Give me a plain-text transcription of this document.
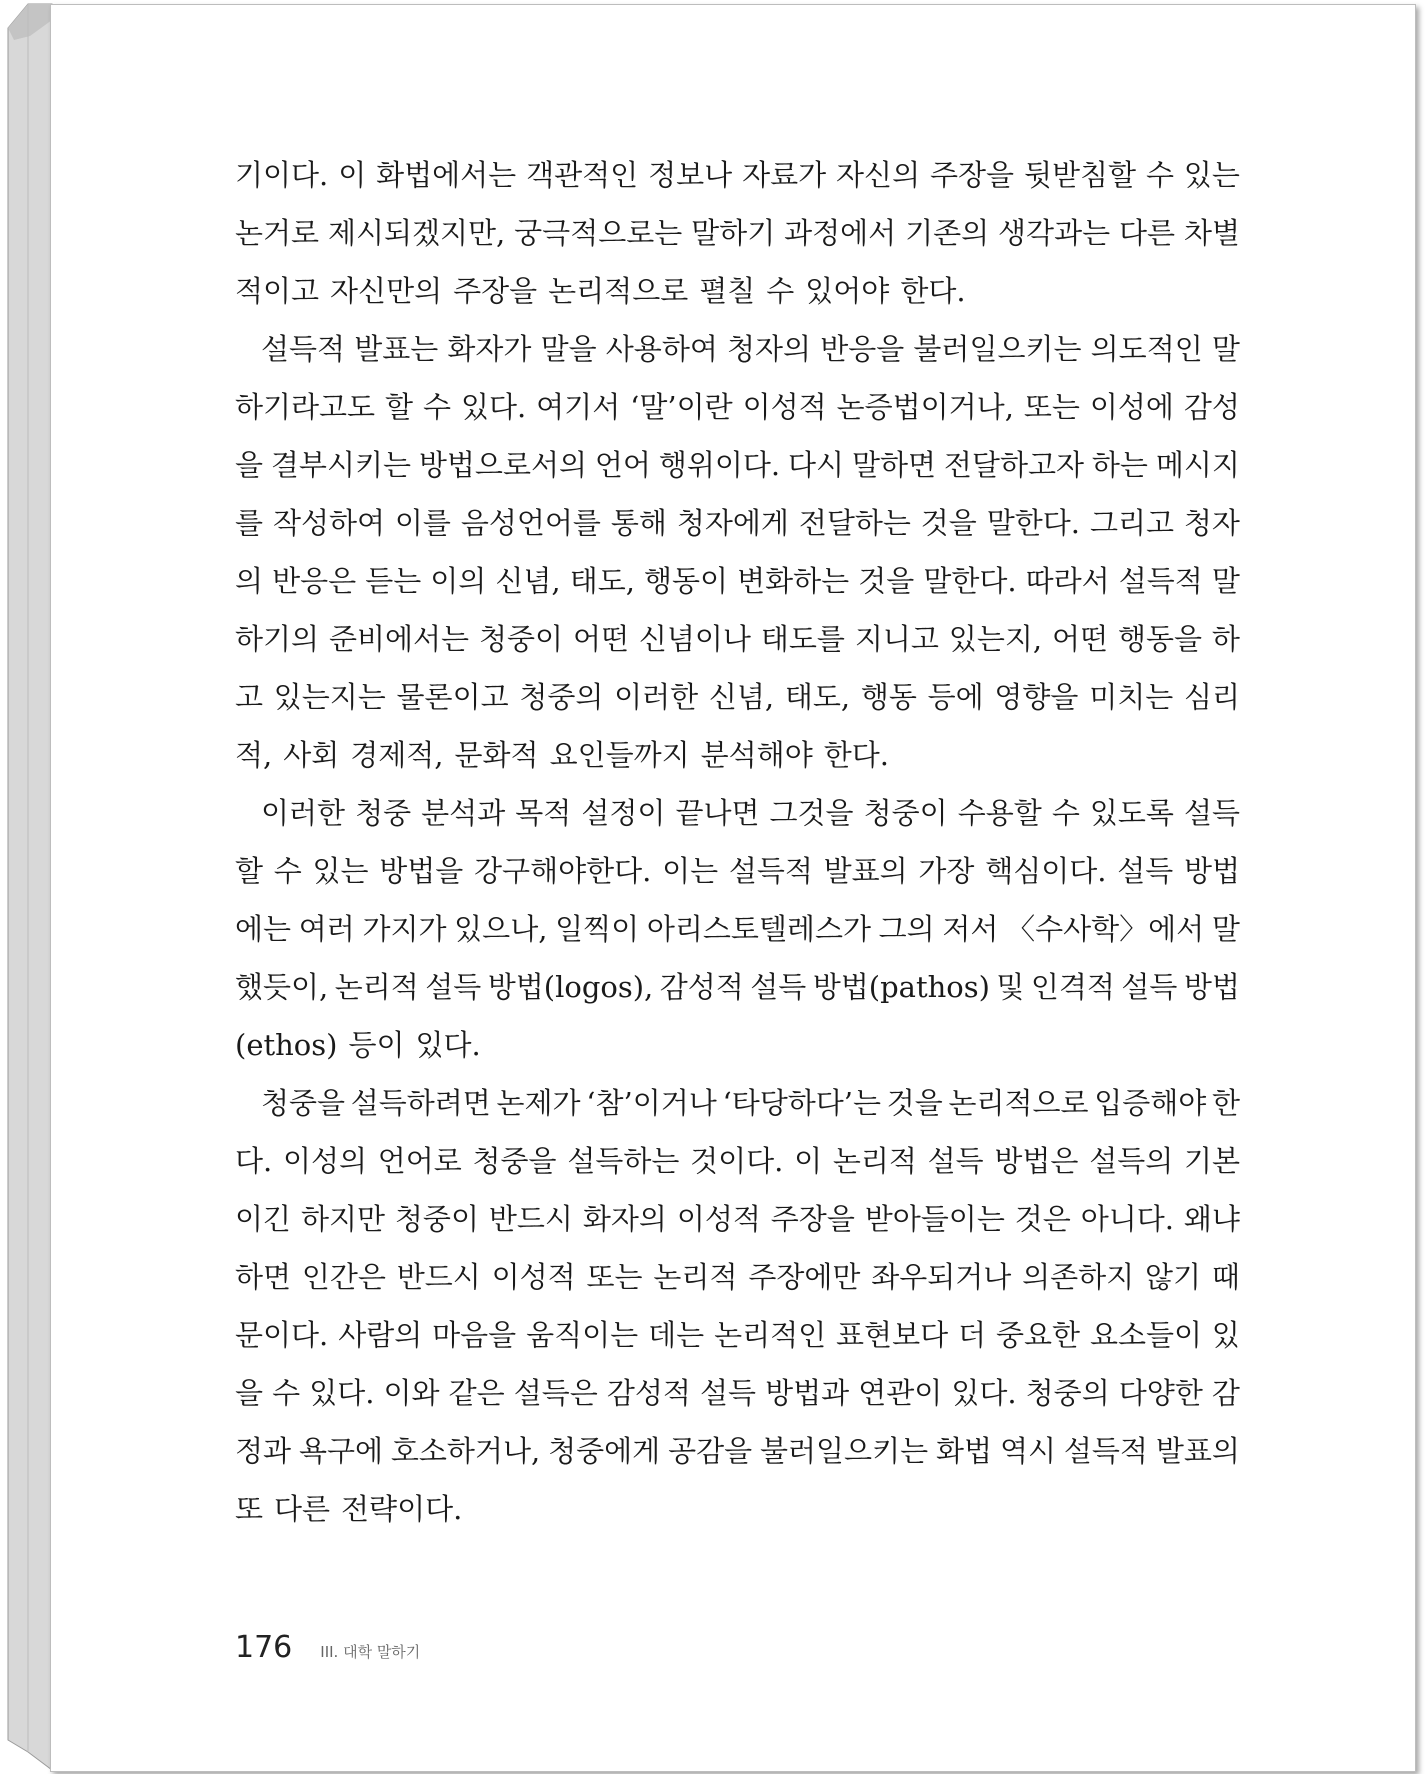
기이다. 이 화법에서는 객관적인 정보나 자료가 자신의 주장을 뒷받침할 수 있는
논거로 제시되겠지만, 궁극적으로는 말하기 과정에서 기존의 생각과는 다른 차별
적이고 자신만의 주장을 논리적으로 펼칠 수 있어야 한다.
설득적 발표는 화자가 말을 사용하여 청자의 반응을 불러일으키는 의도적인 말
하기라고도 할 수 있다. 여기서 ‘말’이란 이성적 논증법이거나, 또는 이성에 감성
을 결부시키는 방법으로서의 언어 행위이다. 다시 말하면 전달하고자 하는 메시지
를 작성하여 이를 음성언어를 통해 청자에게 전달하는 것을 말한다. 그리고 청자
의 반응은 듣는 이의 신념, 태도, 행동이 변화하는 것을 말한다. 따라서 설득적 말
하기의 준비에서는 청중이 어떤 신념이나 태도를 지니고 있는지, 어떤 행동을 하
고 있는지는 물론이고 청중의 이러한 신념, 태도, 행동 등에 영향을 미치는 심리
적, 사회 경제적, 문화적 요인들까지 분석해야 한다.
이러한 청중 분석과 목적 설정이 끝나면 그것을 청중이 수용할 수 있도록 설득
할 수 있는 방법을 강구해야한다. 이는 설득적 발표의 가장 핵심이다. 설득 방법
에는 여러 가지가 있으나, 일찍이 아리스토텔레스가 그의 저서 〈수사학〉에서 말
했듯이, 논리적 설득 방법(logos), 감성적 설득 방법(pathos) 및 인격적 설득 방법
(ethos) 등이 있다.
청중을 설득하려면 논제가 ‘참’이거나 ‘타당하다’는 것을 논리적으로 입증해야 한
다. 이성의 언어로 청중을 설득하는 것이다. 이 논리적 설득 방법은 설득의 기본
이긴 하지만 청중이 반드시 화자의 이성적 주장을 받아들이는 것은 아니다. 왜냐
하면 인간은 반드시 이성적 또는 논리적 주장에만 좌우되거나 의존하지 않기 때
문이다. 사람의 마음을 움직이는 데는 논리적인 표현보다 더 중요한 요소들이 있
을 수 있다. 이와 같은 설득은 감성적 설득 방법과 연관이 있다. 청중의 다양한 감
정과 욕구에 호소하거나, 청중에게 공감을 불러일으키는 화법 역시 설득적 발표의
또 다른 전략이다.
176 III. 대학 말하기
